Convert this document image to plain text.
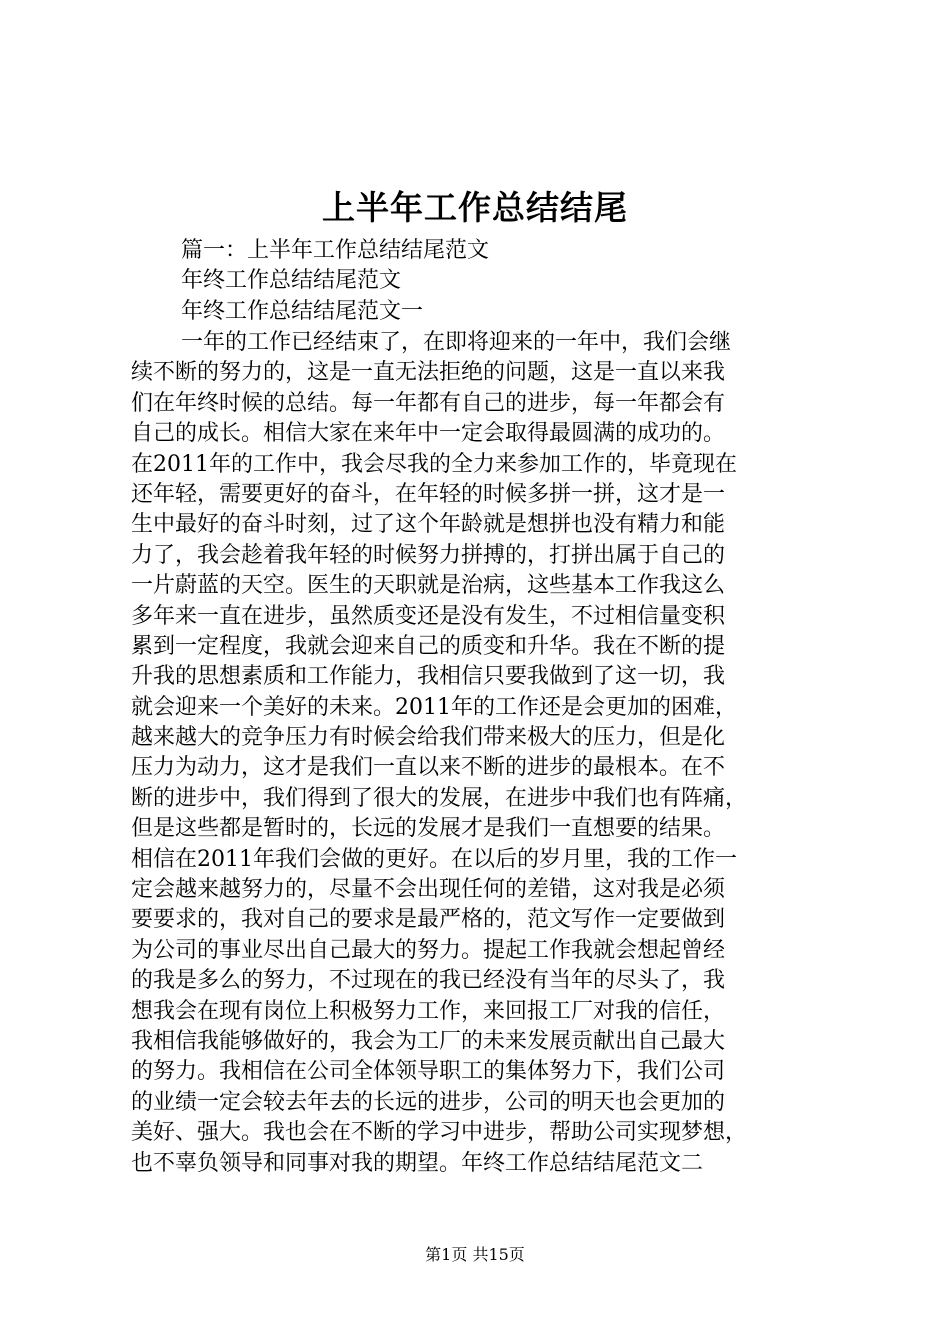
上半年工作总结结尾
篇一：上半年工作总结结尾范文
年终工作总结结尾范文
年终工作总结结尾范文一
一年的工作已经结束了，在即将迎来的一年中，我们会继
续不断的努力的，这是一直无法拒绝的问题，这是一直以来我
们在年终时候的总结。每一年都有自己的进步，每一年都会有
自己的成长。相信大家在来年中一定会取得最圆满的成功的。
在2011年的工作中，我会尽我的全力来参加工作的，毕竟现在
还年轻，需要更好的奋斗，在年轻的时候多拼一拼，这才是一
生中最好的奋斗时刻，过了这个年龄就是想拼也没有精力和能
力了，我会趁着我年轻的时候努力拼搏的，打拼出属于自己的
一片蔚蓝的天空。医生的天职就是治病，这些基本工作我这么
多年来一直在进步，虽然质变还是没有发生，不过相信量变积
累到一定程度，我就会迎来自己的质变和升华。我在不断的提
升我的思想素质和工作能力，我相信只要我做到了这一切，我
就会迎来一个美好的未来。2011年的工作还是会更加的困难，
越来越大的竞争压力有时候会给我们带来极大的压力，但是化
压力为动力，这才是我们一直以来不断的进步的最根本。在不
断的进步中，我们得到了很大的发展，在进步中我们也有阵痛，
但是这些都是暂时的，长远的发展才是我们一直想要的结果。
相信在2011年我们会做的更好。在以后的岁月里，我的工作一
定会越来越努力的，尽量不会出现任何的差错，这对我是必须
要要求的，我对自己的要求是最严格的，范文写作一定要做到
为公司的事业尽出自己最大的努力。提起工作我就会想起曾经
的我是多么的努力，不过现在的我已经没有当年的尽头了，我
想我会在现有岗位上积极努力工作，来回报工厂对我的信任，
我相信我能够做好的，我会为工厂的未来发展贡献出自己最大
的努力。我相信在公司全体领导职工的集体努力下，我们公司
的业绩一定会较去年去的长远的进步，公司的明天也会更加的
美好、强大。我也会在不断的学习中进步，帮助公司实现梦想，
也不辜负领导和同事对我的期望。年终工作总结结尾范文二
第1页 共15页
